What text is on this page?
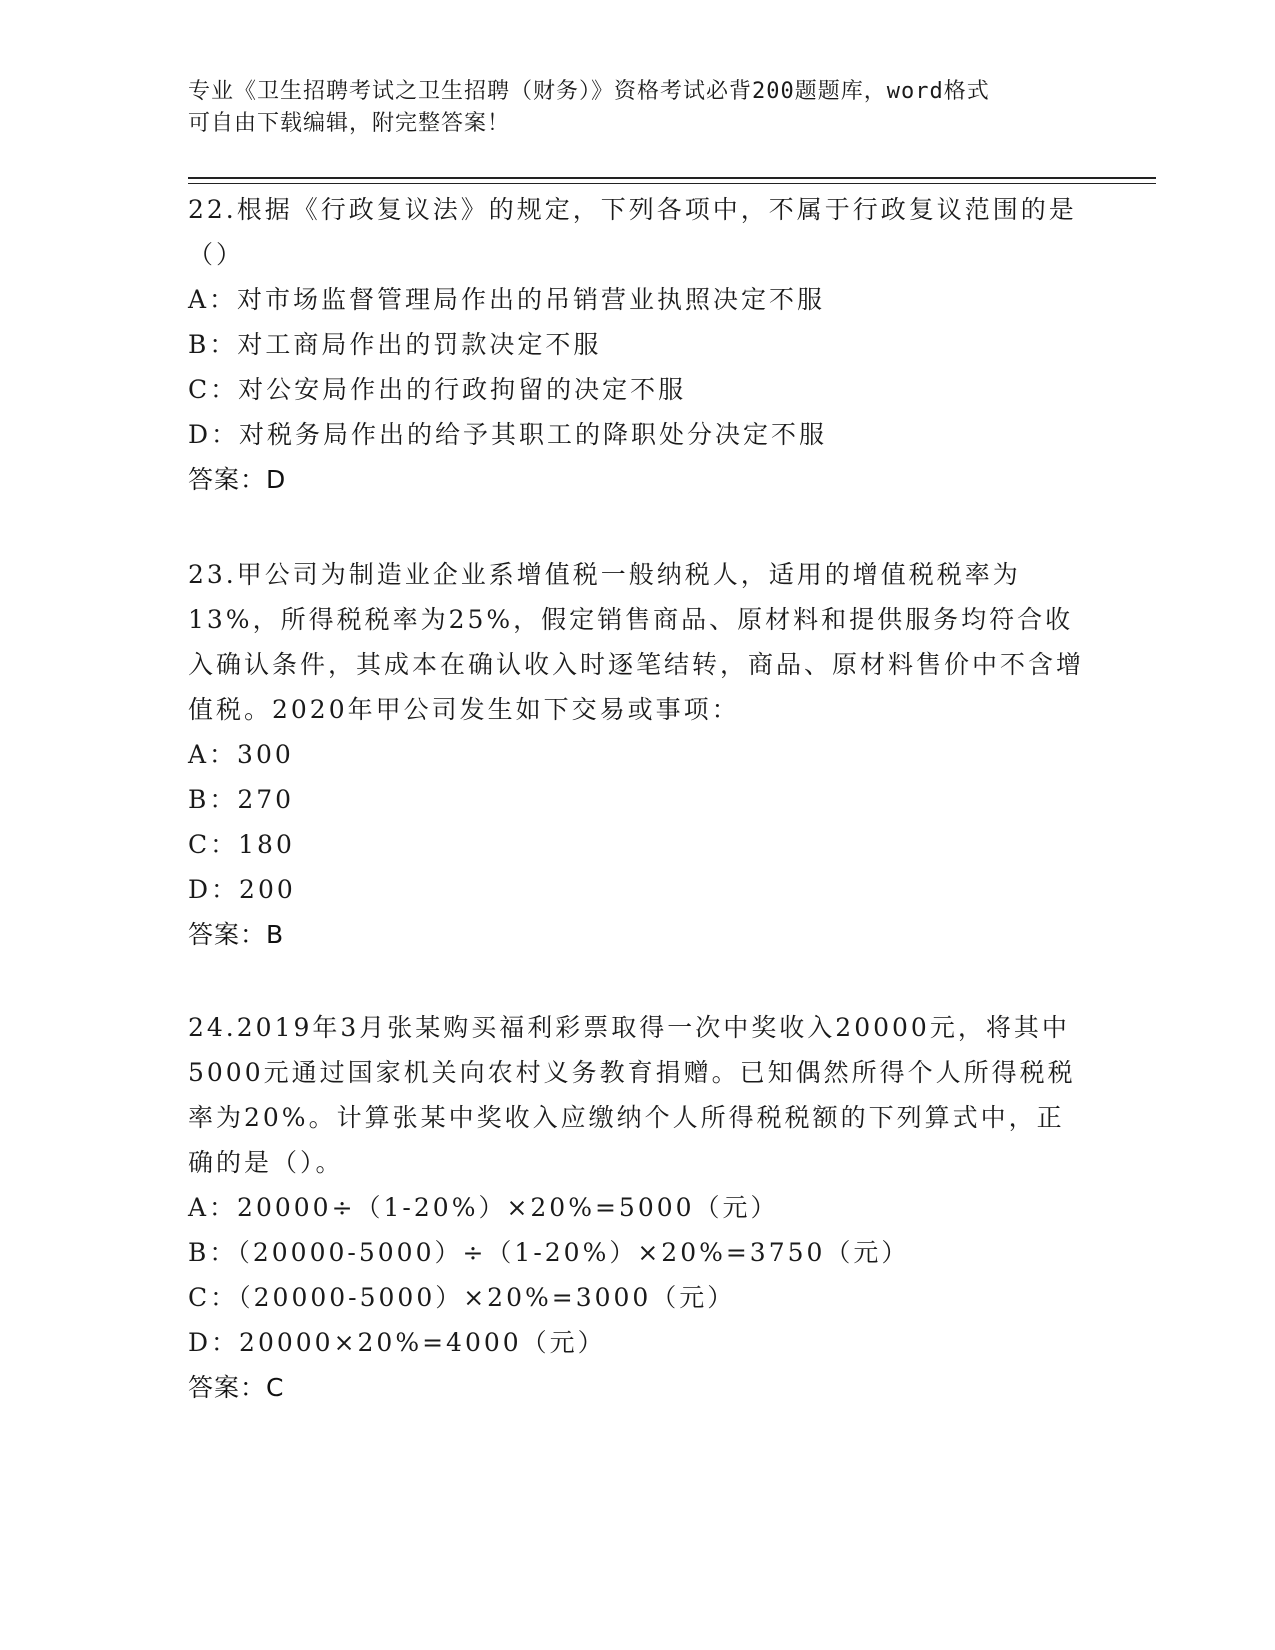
专业《卫生招聘考试之卫生招聘（财务）》资格考试必背200题题库，word格式
可自由下载编辑，附完整答案！
22.根据《行政复议法》的规定，下列各项中，不属于行政复议范围的是（）
A：对市场监督管理局作出的吊销营业执照决定不服
B：对工商局作出的罚款决定不服
C：对公安局作出的行政拘留的决定不服
D：对税务局作出的给予其职工的降职处分决定不服
答案：D
23.甲公司为制造业企业系增值税一般纳税人，适用的增值税税率为13%，所得税税率为25%，假定销售商品、原材料和提供服务均符合收入确认条件，其成本在确认收入时逐笔结转，商品、原材料售价中不含增值税。2020年甲公司发生如下交易或事项：
A：300
B：270
C：180
D：200
答案：B
24.2019年3月张某购买福利彩票取得一次中奖收入20000元，将其中5000元通过国家机关向农村义务教育捐赠。已知偶然所得个人所得税税率为20%。计算张某中奖收入应缴纳个人所得税税额的下列算式中，正确的是（）。
A：20000÷（1-20%）×20%=5000（元）
B：（20000-5000）÷（1-20%）×20%=3750（元）
C：（20000-5000）×20%=3000（元）
D：20000×20%=4000（元）
答案：C
